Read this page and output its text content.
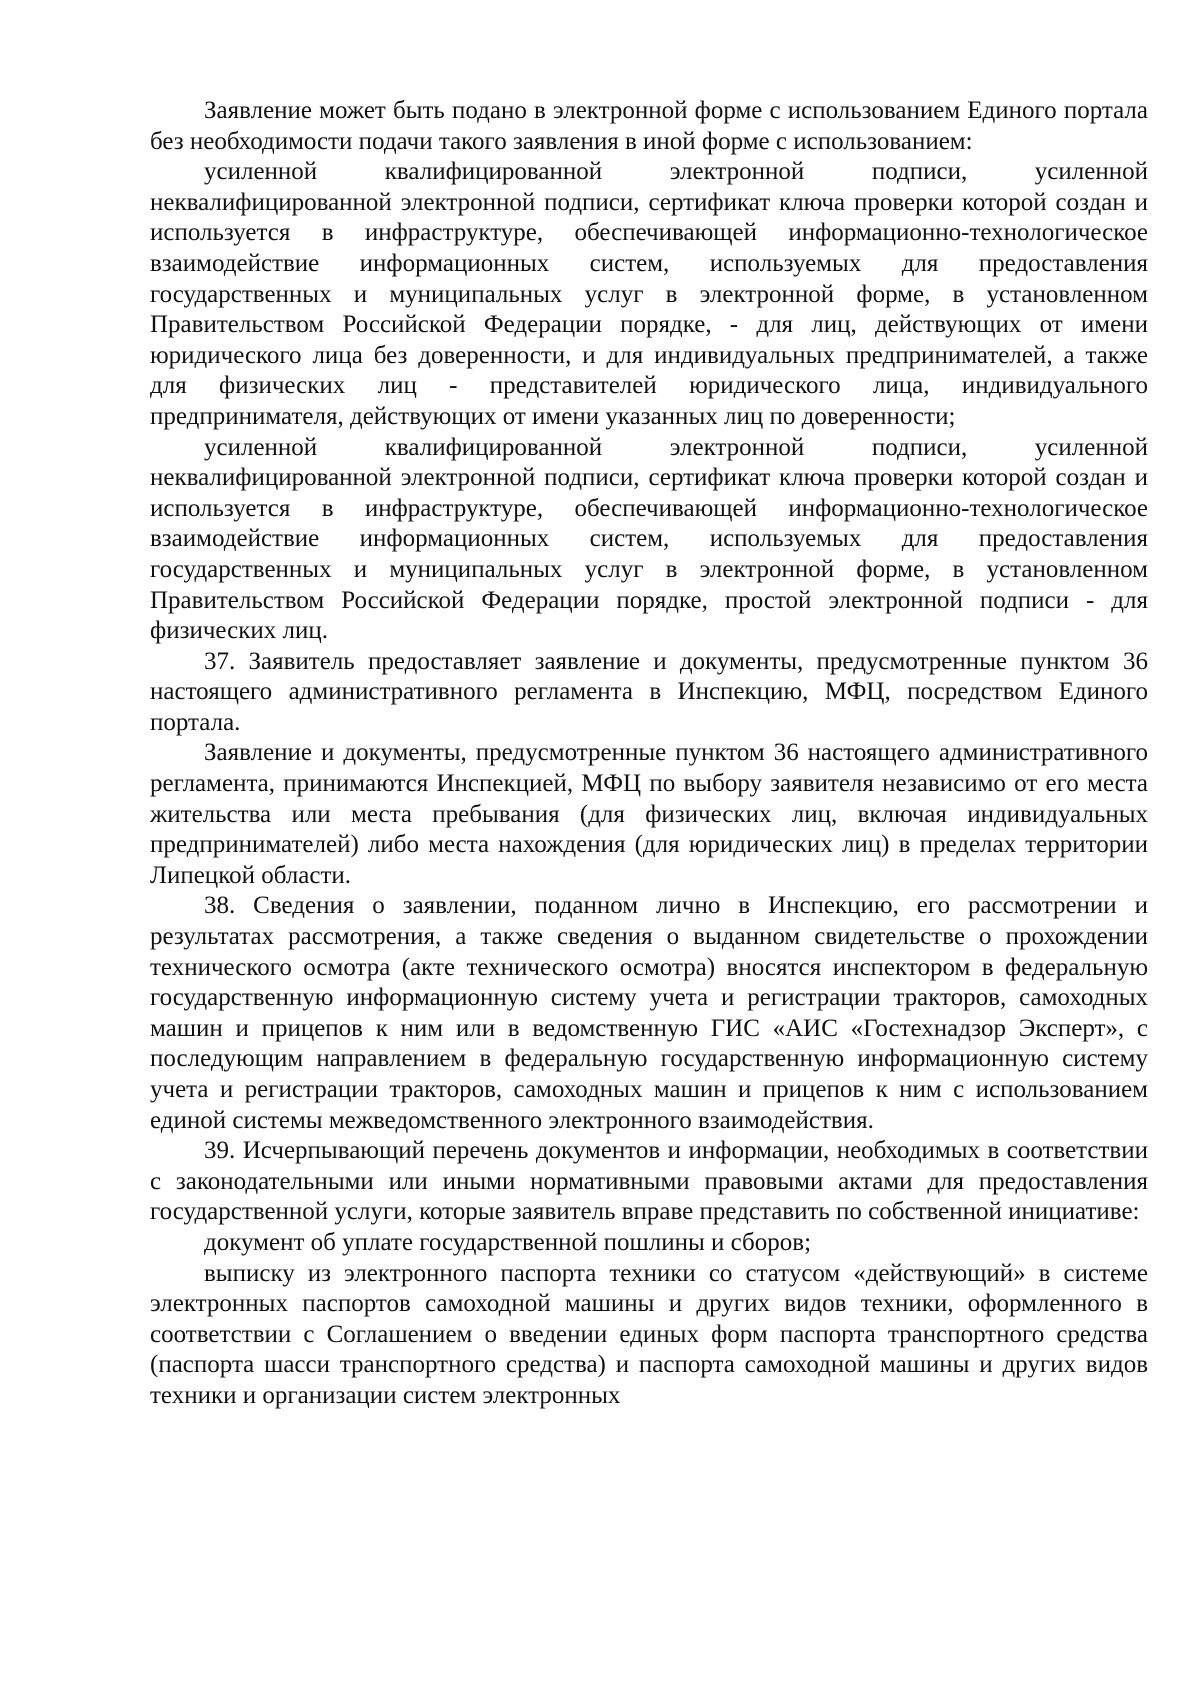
Заявление может быть подано в электронной форме с использованием Единого портала без необходимости подачи такого заявления в иной форме с использованием:

усиленной квалифицированной электронной подписи, усиленной неквалифицированной электронной подписи, сертификат ключа проверки которой создан и используется в инфраструктуре, обеспечивающей информационно-технологическое взаимодействие информационных систем, используемых для предоставления государственных и муниципальных услуг в электронной форме, в установленном Правительством Российской Федерации порядке, - для лиц, действующих от имени юридического лица без доверенности, и для индивидуальных предпринимателей, а также для физических лиц - представителей юридического лица, индивидуального предпринимателя, действующих от имени указанных лиц по доверенности;

усиленной квалифицированной электронной подписи, усиленной неквалифицированной электронной подписи, сертификат ключа проверки которой создан и используется в инфраструктуре, обеспечивающей информационно-технологическое взаимодействие информационных систем, используемых для предоставления государственных и муниципальных услуг в электронной форме, в установленном Правительством Российской Федерации порядке, простой электронной подписи - для физических лиц.

37. Заявитель предоставляет заявление и документы, предусмотренные пунктом 36 настоящего административного регламента в Инспекцию, МФЦ, посредством Единого портала.

Заявление и документы, предусмотренные пунктом 36 настоящего административного регламента, принимаются Инспекцией, МФЦ по выбору заявителя независимо от его места жительства или места пребывания (для физических лиц, включая индивидуальных предпринимателей) либо места нахождения (для юридических лиц) в пределах территории Липецкой области.

38. Сведения о заявлении, поданном лично в Инспекцию, его рассмотрении и результатах рассмотрения, а также сведения о выданном свидетельстве о прохождении технического осмотра (акте технического осмотра) вносятся инспектором в федеральную государственную информационную систему учета и регистрации тракторов, самоходных машин и прицепов к ним или в ведомственную ГИС «АИС «Гостехнадзор Эксперт», с последующим направлением в федеральную государственную информационную систему учета и регистрации тракторов, самоходных машин и прицепов к ним с использованием единой системы межведомственного электронного взаимодействия.

39. Исчерпывающий перечень документов и информации, необходимых в соответствии с законодательными или иными нормативными правовыми актами для предоставления государственной услуги, которые заявитель вправе представить по собственной инициативе:

документ об уплате государственной пошлины и сборов;

выписку из электронного паспорта техники со статусом «действующий» в системе электронных паспортов самоходной машины и других видов техники, оформленного в соответствии с Соглашением о введении единых форм паспорта транспортного средства (паспорта шасси транспортного средства) и паспорта самоходной машины и других видов техники и организации систем электронных
